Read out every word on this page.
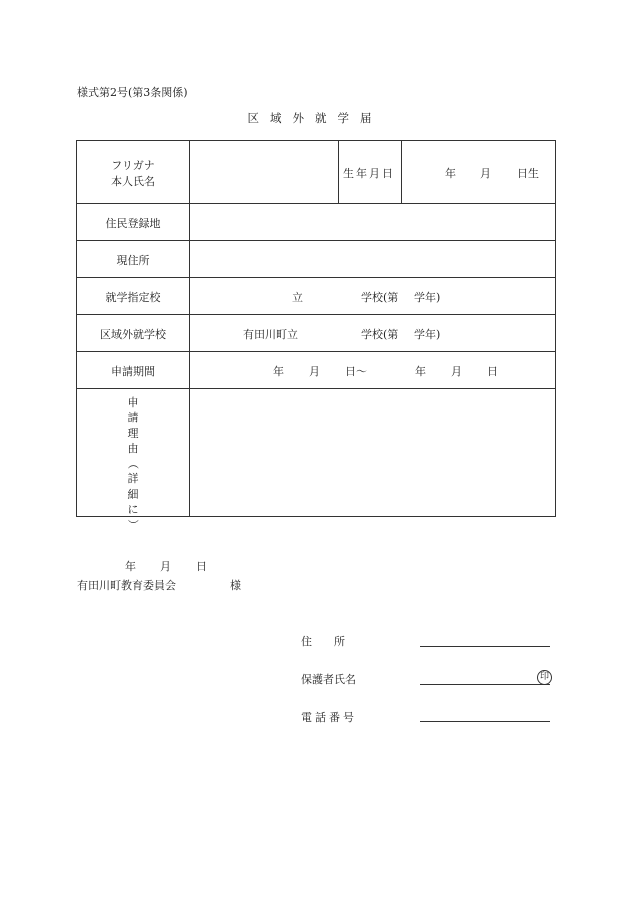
様式第2号(第3条関係)
区域外就学届
フリガナ
本人氏名
生年月日	年 月 日生
住民登録地
現住所
就学指定校	立	学校(第 学年)
区域外就学校	有田川町立	学校(第 学年)
申請期間	年 月 日～	年 月 日
申
請
理
由
（
詳
細
に
）
年 月 日
有田川町教育委員会	様
住　　所
保護者氏名	印
電話番号
